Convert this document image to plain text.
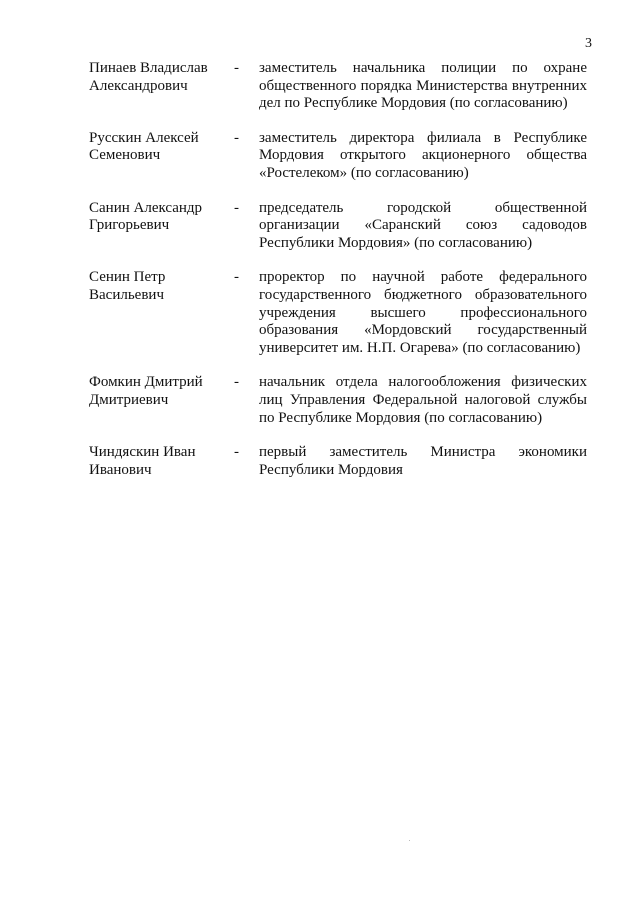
3
Пинаев Владислав
Александрович
-	заместитель начальника полиции по охране общественного порядка Министерства внутренних дел по Республике Мордовия (по согласованию)
Русскин Алексей
Семенович
-	заместитель директора филиала в Республике Мордовия открытого акционерного общества «Ростелеком» (по согласованию)
Санин Александр
Григорьевич
-	председатель городской общественной организации «Саранский союз садоводов Республики Мордовия» (по согласованию)
Сенин Петр
Васильевич
-	проректор по научной работе федерального государственного бюджетного образовательного учреждения высшего профессионального образования «Мордовский государственный университет им. Н.П. Огарева» (по согласованию)
Фомкин Дмитрий
Дмитриевич
-	начальник отдела налогообложения физических лиц Управления Федеральной налоговой службы по Республике Мордовия (по согласованию)
Чиндяскин Иван
Иванович
-	первый заместитель Министра экономики Республики Мордовия
